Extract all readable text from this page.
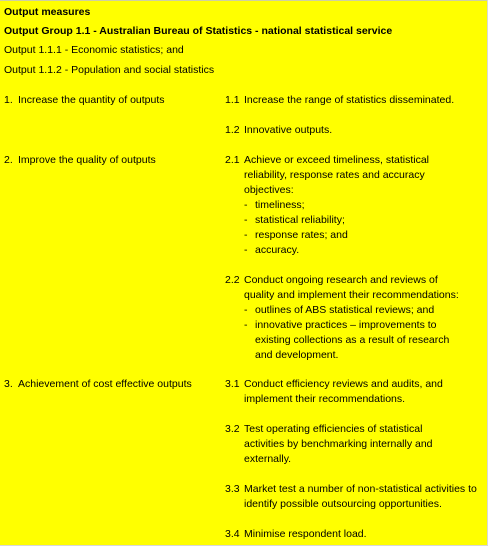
Output measures
Output Group 1.1 - Australian Bureau of Statistics - national statistical service
Output 1.1.1 - Economic statistics; and
Output 1.1.2 - Population and social statistics
1. Increase the quantity of outputs
2. Improve the quality of outputs
3. Achievement of cost effective outputs
1.1 Increase the range of statistics disseminated.
1.2 Innovative outputs.
2.1 Achieve or exceed timeliness, statistical reliability, response rates and accuracy objectives:
- timeliness;
- statistical reliability;
- response rates; and
- accuracy.
2.2 Conduct ongoing research and reviews of quality and implement their recommendations:
- outlines of ABS statistical reviews; and
- innovative practices – improvements to existing collections as a result of research and development.
3.1 Conduct efficiency reviews and audits, and implement their recommendations.
3.2 Test operating efficiencies of statistical activities by benchmarking internally and externally.
3.3 Market test a number of non-statistical activities to identify possible outsourcing opportunities.
3.4 Minimise respondent load.
